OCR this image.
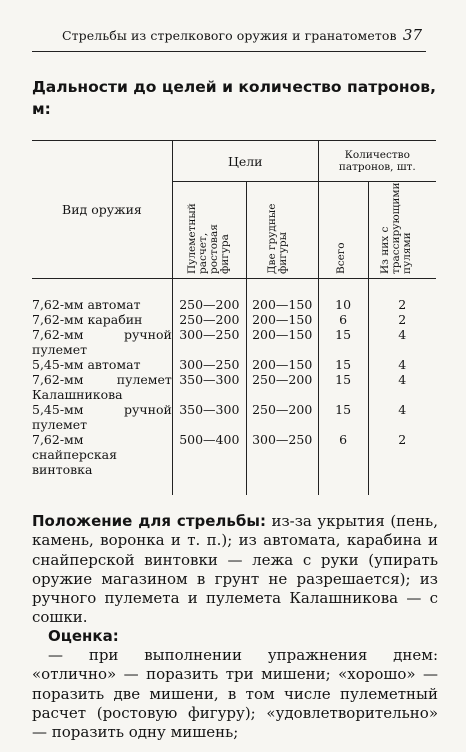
Стрельбы из стрелкового оружия и гранатометов 37
Дальности до целей и количество патронов, м:
Вид оружия	Цели		Количество патронов, шт.	

	Пулеметный расчет, ростовая фигура	Две грудные фигуры	Всего	Из них с трассирующими пулями

7,62-мм автомат	250—200	200—150	10	2
7,62-мм карабин	250—200	200—150	6	2
7,62-мм ручной пулемет	300—250	200—150	15	4
5,45-мм автомат	300—250	200—150	15	4
7,62-мм пулемет Калашникова	350—300	250—200	15	4
5,45-мм ручной пулемет	350—300	250—200	15	4
7,62-мм снайперская винтовка	500—400	300—250	6	2

Положение для стрельбы: из-за укрытия (пень, камень, воронка и т. п.); из автомата, карабина и снайперской винтовки — лежа с руки (упирать оружие магазином в грунт не разрешается); из ручного пулемета и пулемета Калашникова — с сошки.
Оценка:
— при выполнении упражнения днем: «отлично» — поразить три мишени; «хорошо» — поразить две мишени, в том числе пулеметный расчет (ростовую фигуру); «удовлетворительно» — поразить одну мишень;
